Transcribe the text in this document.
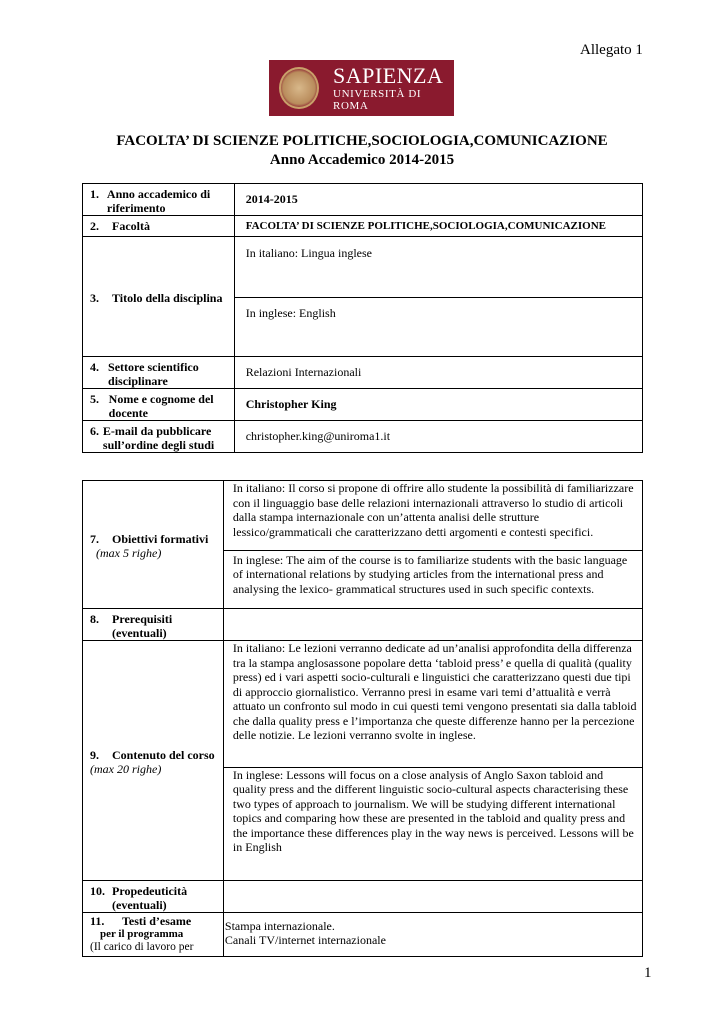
Allegato 1
SAPIENZA
UNIVERSITÀ DI ROMA
FACOLTA’ DI SCIENZE POLITICHE,SOCIOLOGIA,COMUNICAZIONE
Anno Accademico 2014-2015
1. Anno accademico di riferimento
	2014-2015

2.	Facoltà	FACOLTA’ DI SCIENZE POLITICHE,SOCIOLOGIA,COMUNICAZIONE

3.	Titolo della disciplina

In italiano: Lingua inglese
In inglese: English

4. Settore scientifico disciplinare
	Relazioni Internazionali

5. Nome e cognome del docente
	Christopher King

6. E-mail da pubblicare sull’ordine degli studi
	christopher.king@uniroma1.it
7.	Obiettivi formativi
(max 5 righe)

In italiano: Il corso si propone di offrire allo studente la possibilità di familiarizzare con il linguaggio base delle relazioni internazionali attraverso lo studio di articoli dalla stampa internazionale con un’attenta analisi delle strutture lessico/grammaticali che caratterizzano detti argomenti e contesti specifici.
In inglese: The aim of the course is to familiarize students with the basic language of international relations by studying articles from the international press and analysing the lexico- grammatical structures used in such specific contexts.

8.	Prerequisiti (eventuali)

9.	Contenuto del corso
(max 20 righe)

In italiano: Le lezioni verranno dedicate ad un’analisi approfondita della differenza tra la stampa anglosassone popolare detta ‘tabloid press’ e quella di qualità (quality press) ed i vari aspetti socio-culturali e linguistici che caratterizzano questi due tipi di approccio giornalistico. Verranno presi in esame vari temi d’attualità e verrà attuato un confronto sul modo in cui questi temi vengono presentati sia dalla tabloid che dalla quality press e l’importanza che queste differenze hanno per la percezione delle notizie. Le lezioni verranno svolte in inglese.
In inglese: Lessons will focus on a close analysis of Anglo Saxon tabloid and quality press and the different linguistic socio-cultural aspects characterising these two types of approach to journalism. We will be studying different international topics and comparing how these are presented in the tabloid and quality press and the importance these differences play in the way news is perceived. Lessons will be in English

10. Propedeuticità (eventuali)

11.	Testi d’esame
per il programma
(Il carico di lavoro per

Stampa internazionale.
Canali TV/internet internazionale
1
